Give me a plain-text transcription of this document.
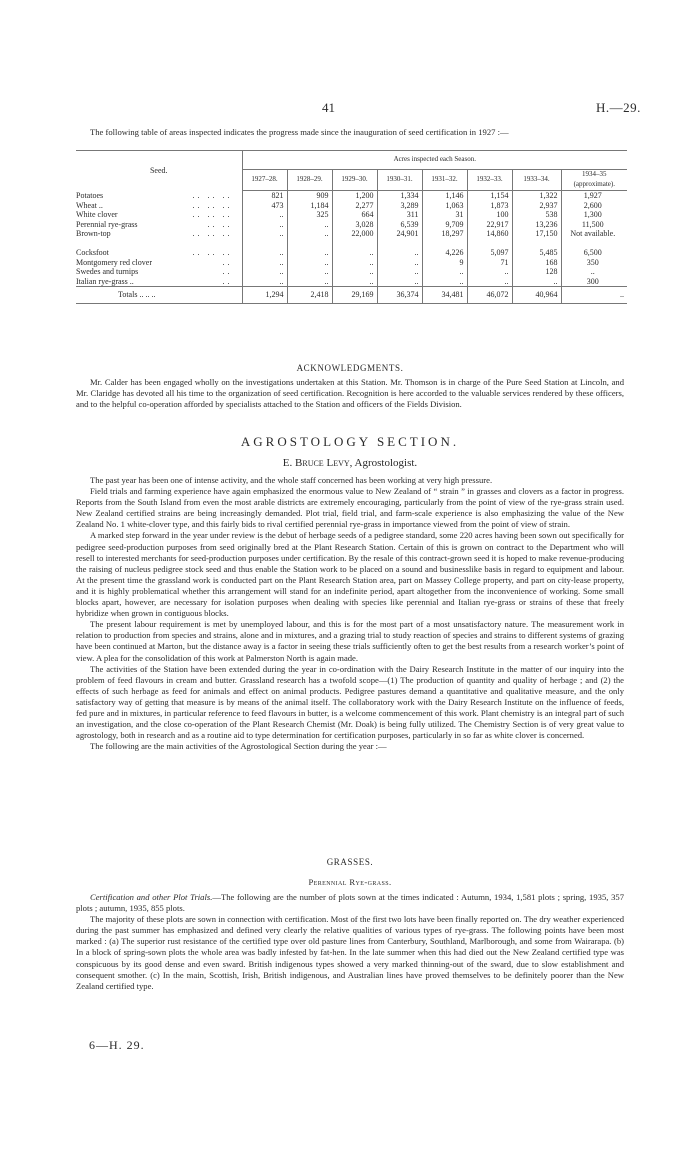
41	H.—29.

The following table of areas inspected indicates the progress made since the inauguration of seed certification in 1927 :—

Seed.	Acres inspected each Season.							
	1927–28.	1928–29.	1929–30.	1930–31.	1931–32.	1932–33.	1933–34.	1934–35 (approximate).
Potatoes .. .. ..	821	909	1,200	1,334	1,146	1,154	1,322	1,927
Wheat .. .. .. ..	473	1,184	2,277	3,289	1,063	1,873	2,937	2,600
White clover .. .. ..	..	325	664	311	31	100	538	1,300
Perennial rye-grass .. ..	..	..	3,028	6,539	9,709	22,917	13,236	11,500
Brown-top .. .. ..	..	..	22,000	24,901	18,297	14,860	17,150	Not available.

Cocksfoot .. .. ..	..	..	..	..	4,226	5,097	5,485	6,500
Montgomery red clover ..	..	..	..	..	9	71	168	350
Swedes and turnips ..	..	..	..	..	..	..	128	..
Italian rye-grass .. ..	..	..	..	..	..	..	..	300
Totals .. .. ..	1,294	2,418	29,169	36,374	34,481	46,072	40,964	..
ACKNOWLEDGMENTS.

Mr. Calder has been engaged wholly on the investigations undertaken at this Station. Mr. Thomson is in charge of the Pure Seed Station at Lincoln, and Mr. Claridge has devoted all his time to the organization of seed certification. Recognition is here accorded to the valuable services rendered by these officers, and to the helpful co-operation afforded by specialists attached to the Station and officers of the Fields Division.

AGROSTOLOGY SECTION.
E. Bruce Levy, Agrostologist.

The past year has been one of intense activity, and the whole staff concerned has been working at very high pressure.

Field trials and farming experience have again emphasized the enormous value to New Zealand of “ strain ” in grasses and clovers as a factor in progress. Reports from the South Island from even the most arable districts are extremely encouraging, particularly from the point of view of the rye-grass strain used. New Zealand certified strains are being increasingly demanded. Plot trial, field trial, and farm-scale experience is also emphasizing the value of the New Zealand No. 1 white-clover type, and this fairly bids to rival certified perennial rye-grass in importance viewed from the point of view of strain.

A marked step forward in the year under review is the debut of herbage seeds of a pedigree standard, some 220 acres having been sown out specifically for pedigree seed-production purposes from seed originally bred at the Plant Research Station. Certain of this is grown on contract to the Department who will resell to interested merchants for seed-production purposes under certification. By the resale of this contract-grown seed it is hoped to make revenue-producing the raising of nucleus pedigree stock seed and thus enable the Station work to be placed on a sound and businesslike basis in regard to equipment and labour. At the present time the grassland work is conducted part on the Plant Research Station area, part on Massey College property, and part on city-lease property, and it is highly problematical whether this arrangement will stand for an indefinite period, apart altogether from the inconvenience of working. Some small blocks apart, however, are necessary for isolation purposes when dealing with species like perennial and Italian rye-grass or strains of these that freely hybridize when grown in contiguous blocks.

The present labour requirement is met by unemployed labour, and this is for the most part of a most unsatisfactory nature. The measurement work in relation to production from species and strains, alone and in mixtures, and a grazing trial to study reaction of species and strains to different systems of grazing have been continued at Marton, but the distance away is a factor in seeing these trials sufficiently often to get the best results from a research worker’s point of view. A plea for the consolidation of this work at Palmerston North is again made.

The activities of the Station have been extended during the year in co-ordination with the Dairy Research Institute in the matter of our inquiry into the problem of feed flavours in cream and butter. Grassland research has a twofold scope—(1) The production of quantity and quality of herbage ; and (2) the effects of such herbage as feed for animals and effect on animal products. Pedigree pastures demand a quantitative and qualitative measure, and the only satisfactory way of getting that measure is by means of the animal itself. The collaboratory work with the Dairy Research Institute on the influence of feeds, fed pure and in mixtures, in particular reference to feed flavours in butter, is a welcome commencement of this work. Plant chemistry is an integral part of such an investigation, and the close co-operation of the Plant Research Chemist (Mr. Doak) is being fully utilized. The Chemistry Section is of very great value to agrostology, both in research and as a routine aid to type determination for certification purposes, particularly in so far as white clover is concerned.

The following are the main activities of the Agrostological Section during the year :—

GRASSES.
Perennial Rye-grass.

Certification and other Plot Trials.—The following are the number of plots sown at the times indicated : Autumn, 1934, 1,581 plots ; spring, 1935, 357 plots ; autumn, 1935, 855 plots.

The majority of these plots are sown in connection with certification. Most of the first two lots have been finally reported on. The dry weather experienced during the past summer has emphasized and defined very clearly the relative qualities of various types of rye-grass. The following points have been most marked : (a) The superior rust resistance of the certified type over old pasture lines from Canterbury, Southland, Marlborough, and some from Wairarapa. (b) In a block of spring-sown plots the whole area was badly infested by fat-hen. In the late summer when this had died out the New Zealand certified type was conspicuous by its good dense and even sward. British indigenous types showed a very marked thinning-out of the sward, due to slow establishment and consequent smother. (c) In the main, Scottish, Irish, British indigenous, and Australian lines have proved themselves to be definitely poorer than the New Zealand certified type.

6—H. 29.
